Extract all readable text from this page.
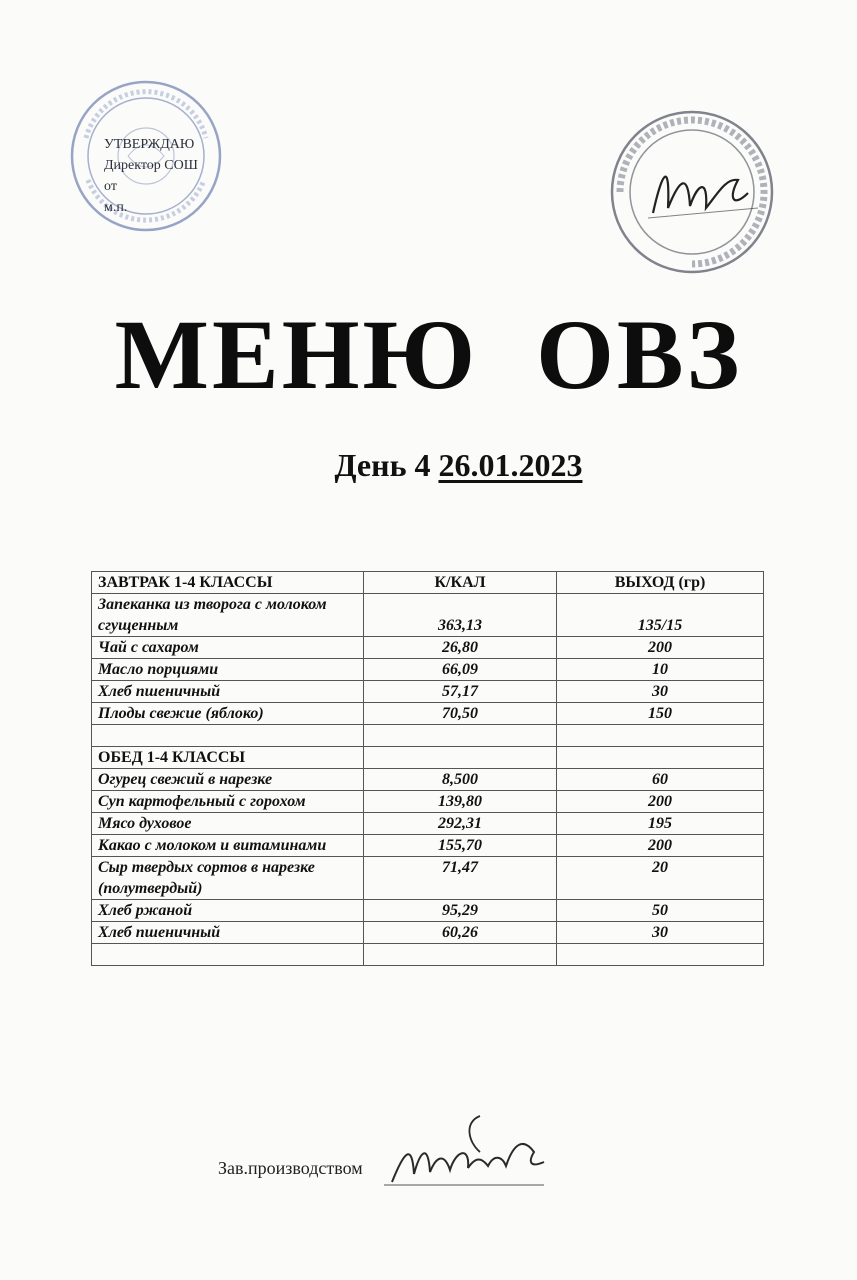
УТВЕРЖДАЮ
Директор СОШ
от
м.п.
МЕНЮ ОВЗ
День 4 26.01.2023
ЗАВТРАК 1-4 КЛАССЫ	К/КАЛ	ВЫХОД (гр)
Запеканка из творога с молоком сгущенным	363,13	135/15
Чай с сахаром	26,80	200
Масло порциями	66,09	10
Хлеб пшеничный	57,17	30
Плоды свежие (яблоко)	70,50	150

ОБЕД 1-4 КЛАССЫ		
Огурец свежий в нарезке	8,500	60
Суп картофельный с горохом	139,80	200
Мясо духовое	292,31	195
Какао с молоком и витаминами	155,70	200
Сыр твердых сортов в нарезке (полутвердый)	71,47	20
Хлеб ржаной	95,29	50
Хлеб пшеничный	60,26	30

Зав.производством
